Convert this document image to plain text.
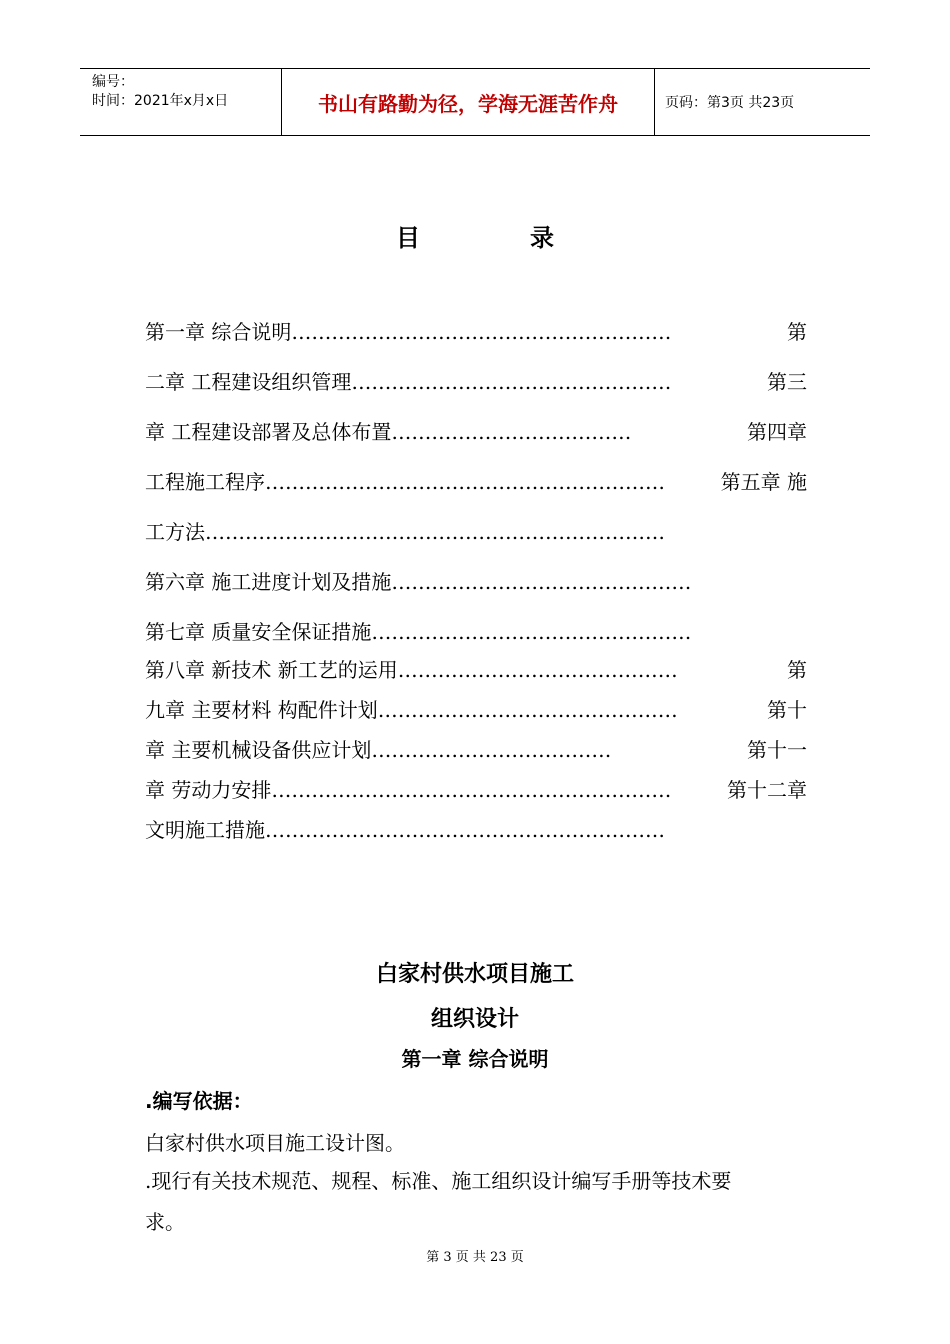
编号：
时间：2021年x月x日	书山有路勤为径，学海无涯苦作舟	页码：第3页 共23页
目	录
第一章 综合说明…………………………………………………	第
二章 工程建设组织管理…………………………………………	第三
章 工程建设部署及总体布置………………………………	第四章
工程施工程序……………………………………………………	第五章 施
工方法……………………………………………………………
第六章 施工进度计划及措施………………………………………
第七章 质量安全保证措施…………………………………………
第八章 新技术 新工艺的运用……………………………………	第
九章 主要材料 构配件计划………………………………………	第十
章 主要机械设备供应计划………………………………	第十一
章 劳动力安排……………………………………………………	第十二章
文明施工措施……………………………………………………
白家村供水项目施工
组织设计
第一章 综合说明
.编写依据：
白家村供水项目施工设计图。
.现行有关技术规范、规程、标准、施工组织设计编写手册等技术要
求。
第 3 页 共 23 页
